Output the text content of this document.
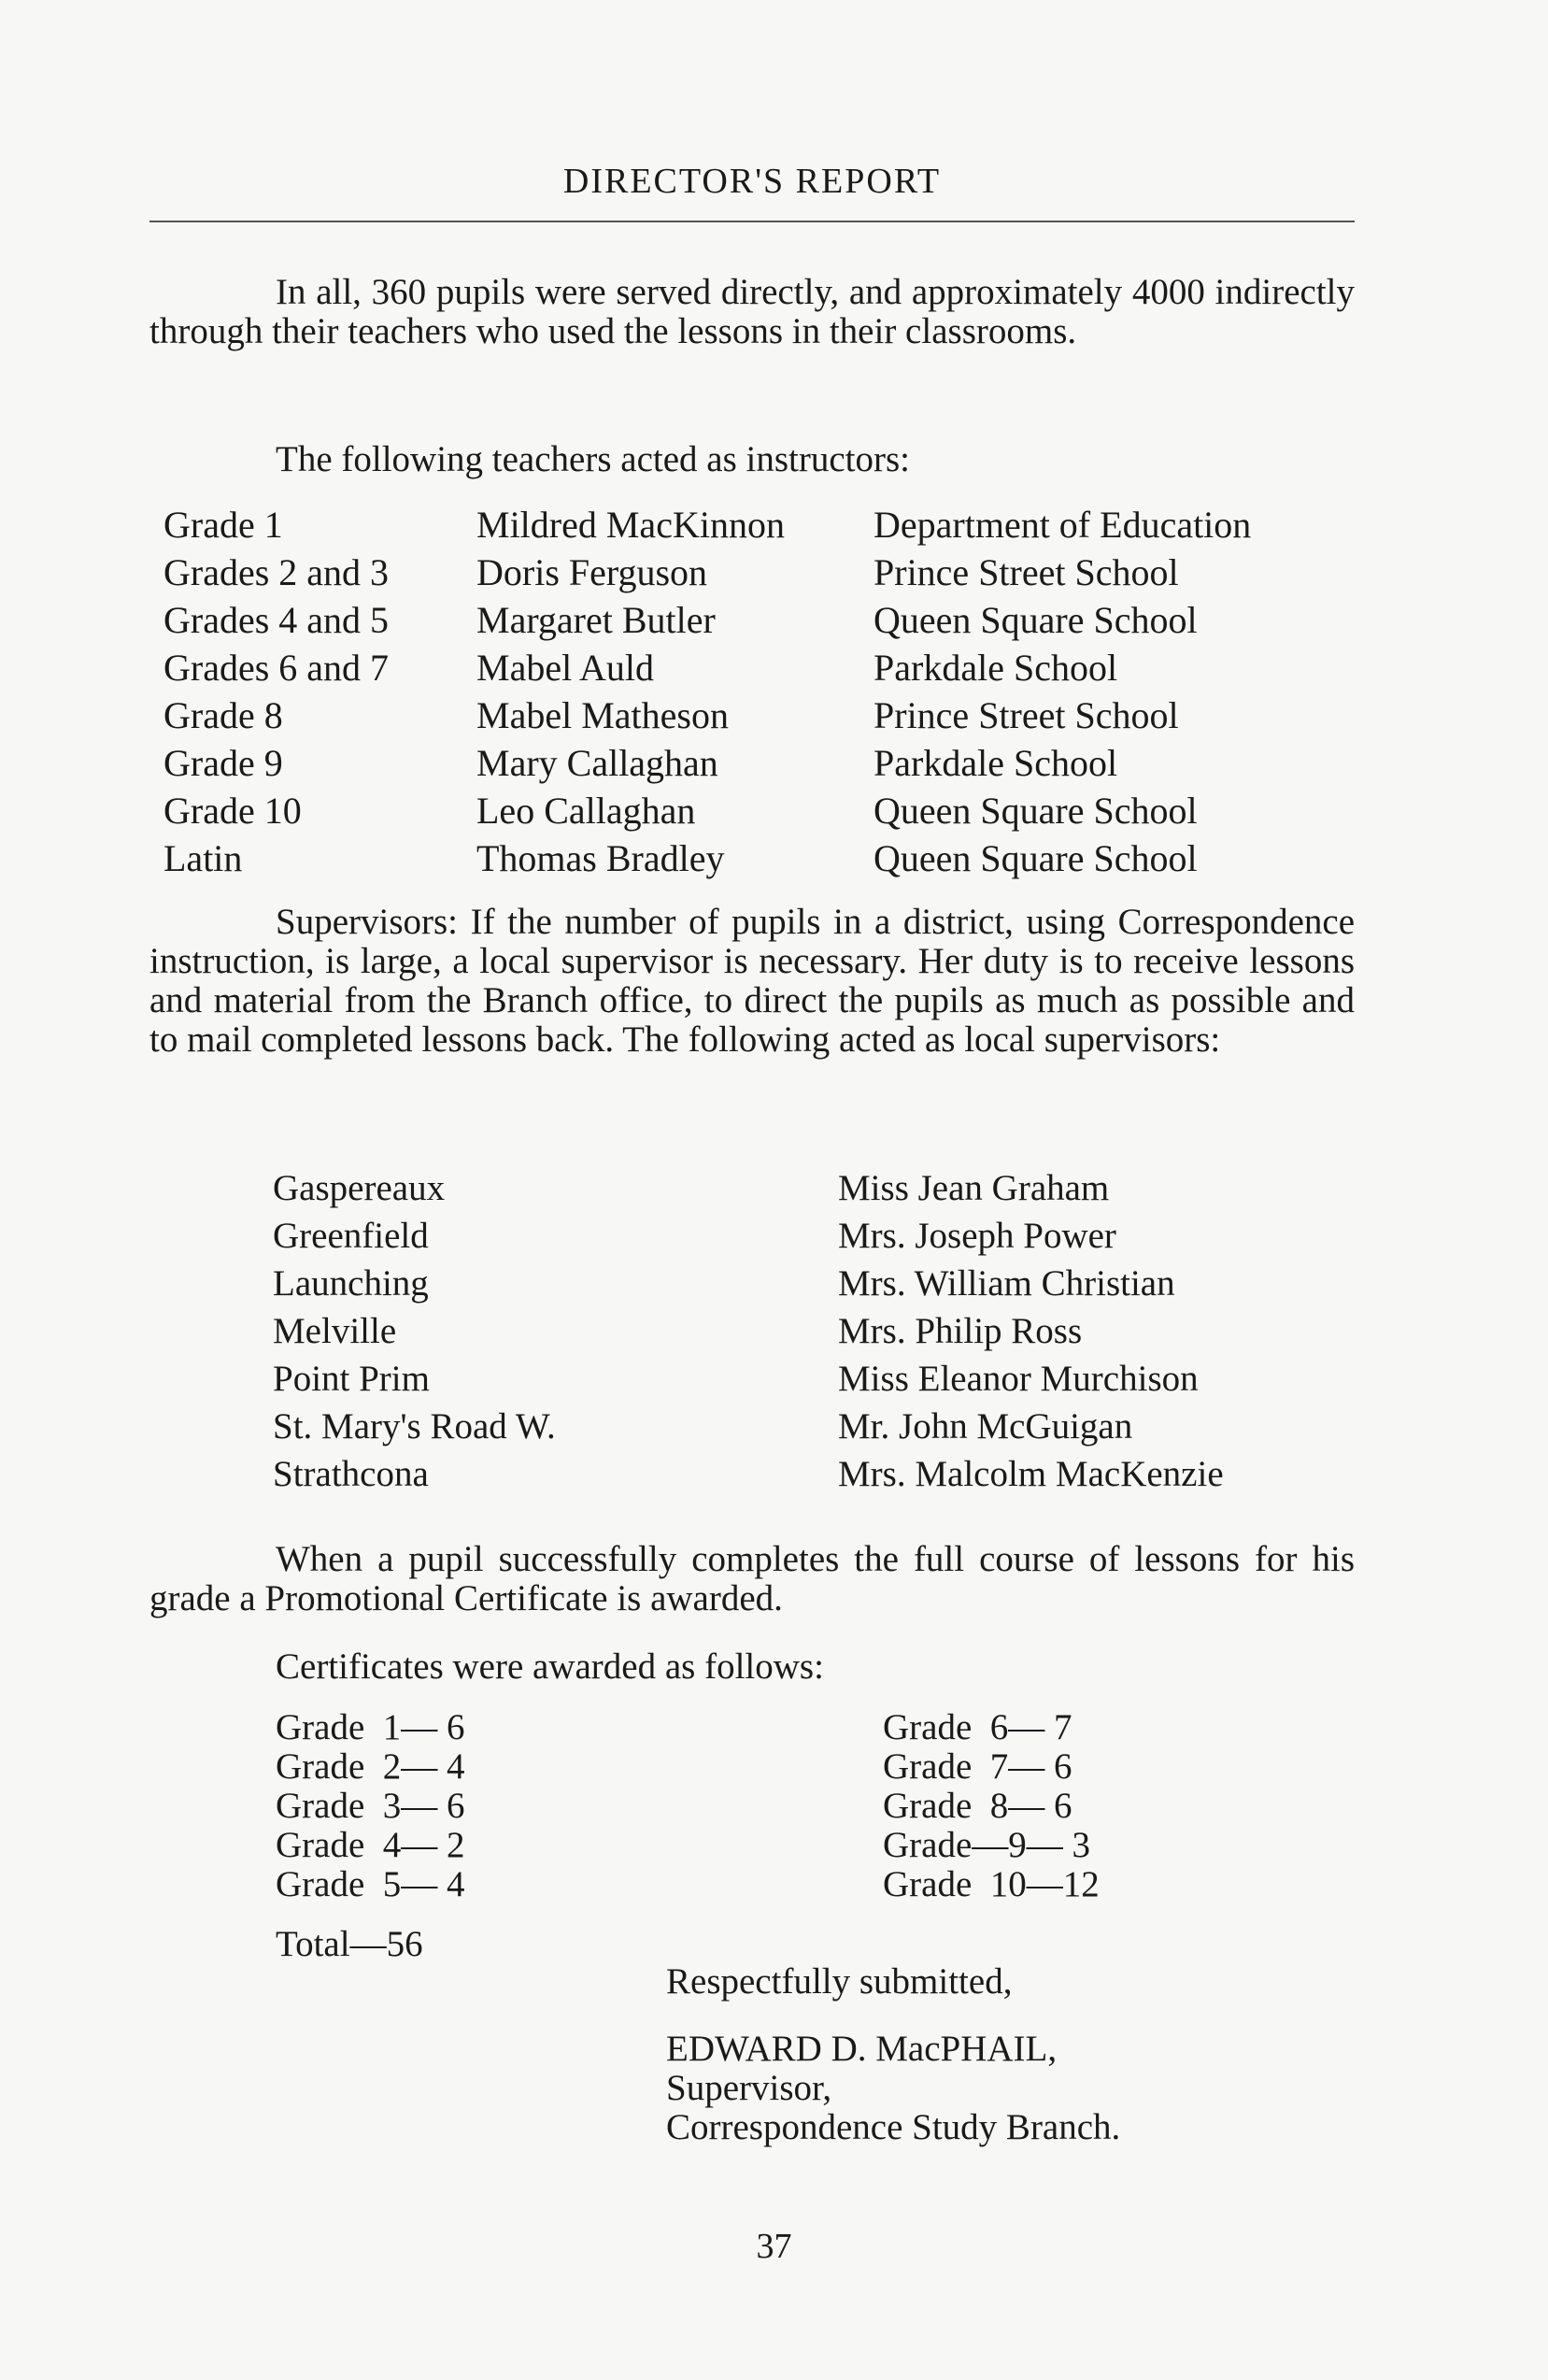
DIRECTOR'S REPORT

In all, 360 pupils were served directly, and approximately 4000 indirectly through their teachers who used the lessons in their classrooms.

The following teachers acted as instructors:
Grade 1	Mildred MacKinnon	Department of Education
Grades 2 and 3	Doris Ferguson	Prince Street School
Grades 4 and 5	Margaret Butler	Queen Square School
Grades 6 and 7	Mabel Auld	Parkdale School
Grade 8	Mabel Matheson	Prince Street School
Grade 9	Mary Callaghan	Parkdale School
Grade 10	Leo Callaghan	Queen Square School
Latin	Thomas Bradley	Queen Square School

Supervisors: If the number of pupils in a district, using Correspondence instruction, is large, a local supervisor is necessary. Her duty is to receive lessons and material from the Branch office, to direct the pupils as much as possible and to mail completed lessons back. The following acted as local supervisors:

Gaspereaux	Miss Jean Graham
Greenfield	Mrs. Joseph Power
Launching	Mrs. William Christian
Melville	Mrs. Philip Ross
Point Prim	Miss Eleanor Murchison
St. Mary's Road W.	Mr. John McGuigan
Strathcona	Mrs. Malcolm MacKenzie

When a pupil successfully completes the full course of lessons for his grade a Promotional Certificate is awarded.

Certificates were awarded as follows:
Grade  1— 6
Grade  2— 4
Grade  3— 6
Grade  4— 2
Grade  5— 4
Grade  6— 7
Grade  7— 6
Grade  8— 6
Grade—9— 3
Grade  10—12
Total—56
Respectfully submitted,
EDWARD D. MacPHAIL,
Supervisor,
Correspondence Study Branch.
37
